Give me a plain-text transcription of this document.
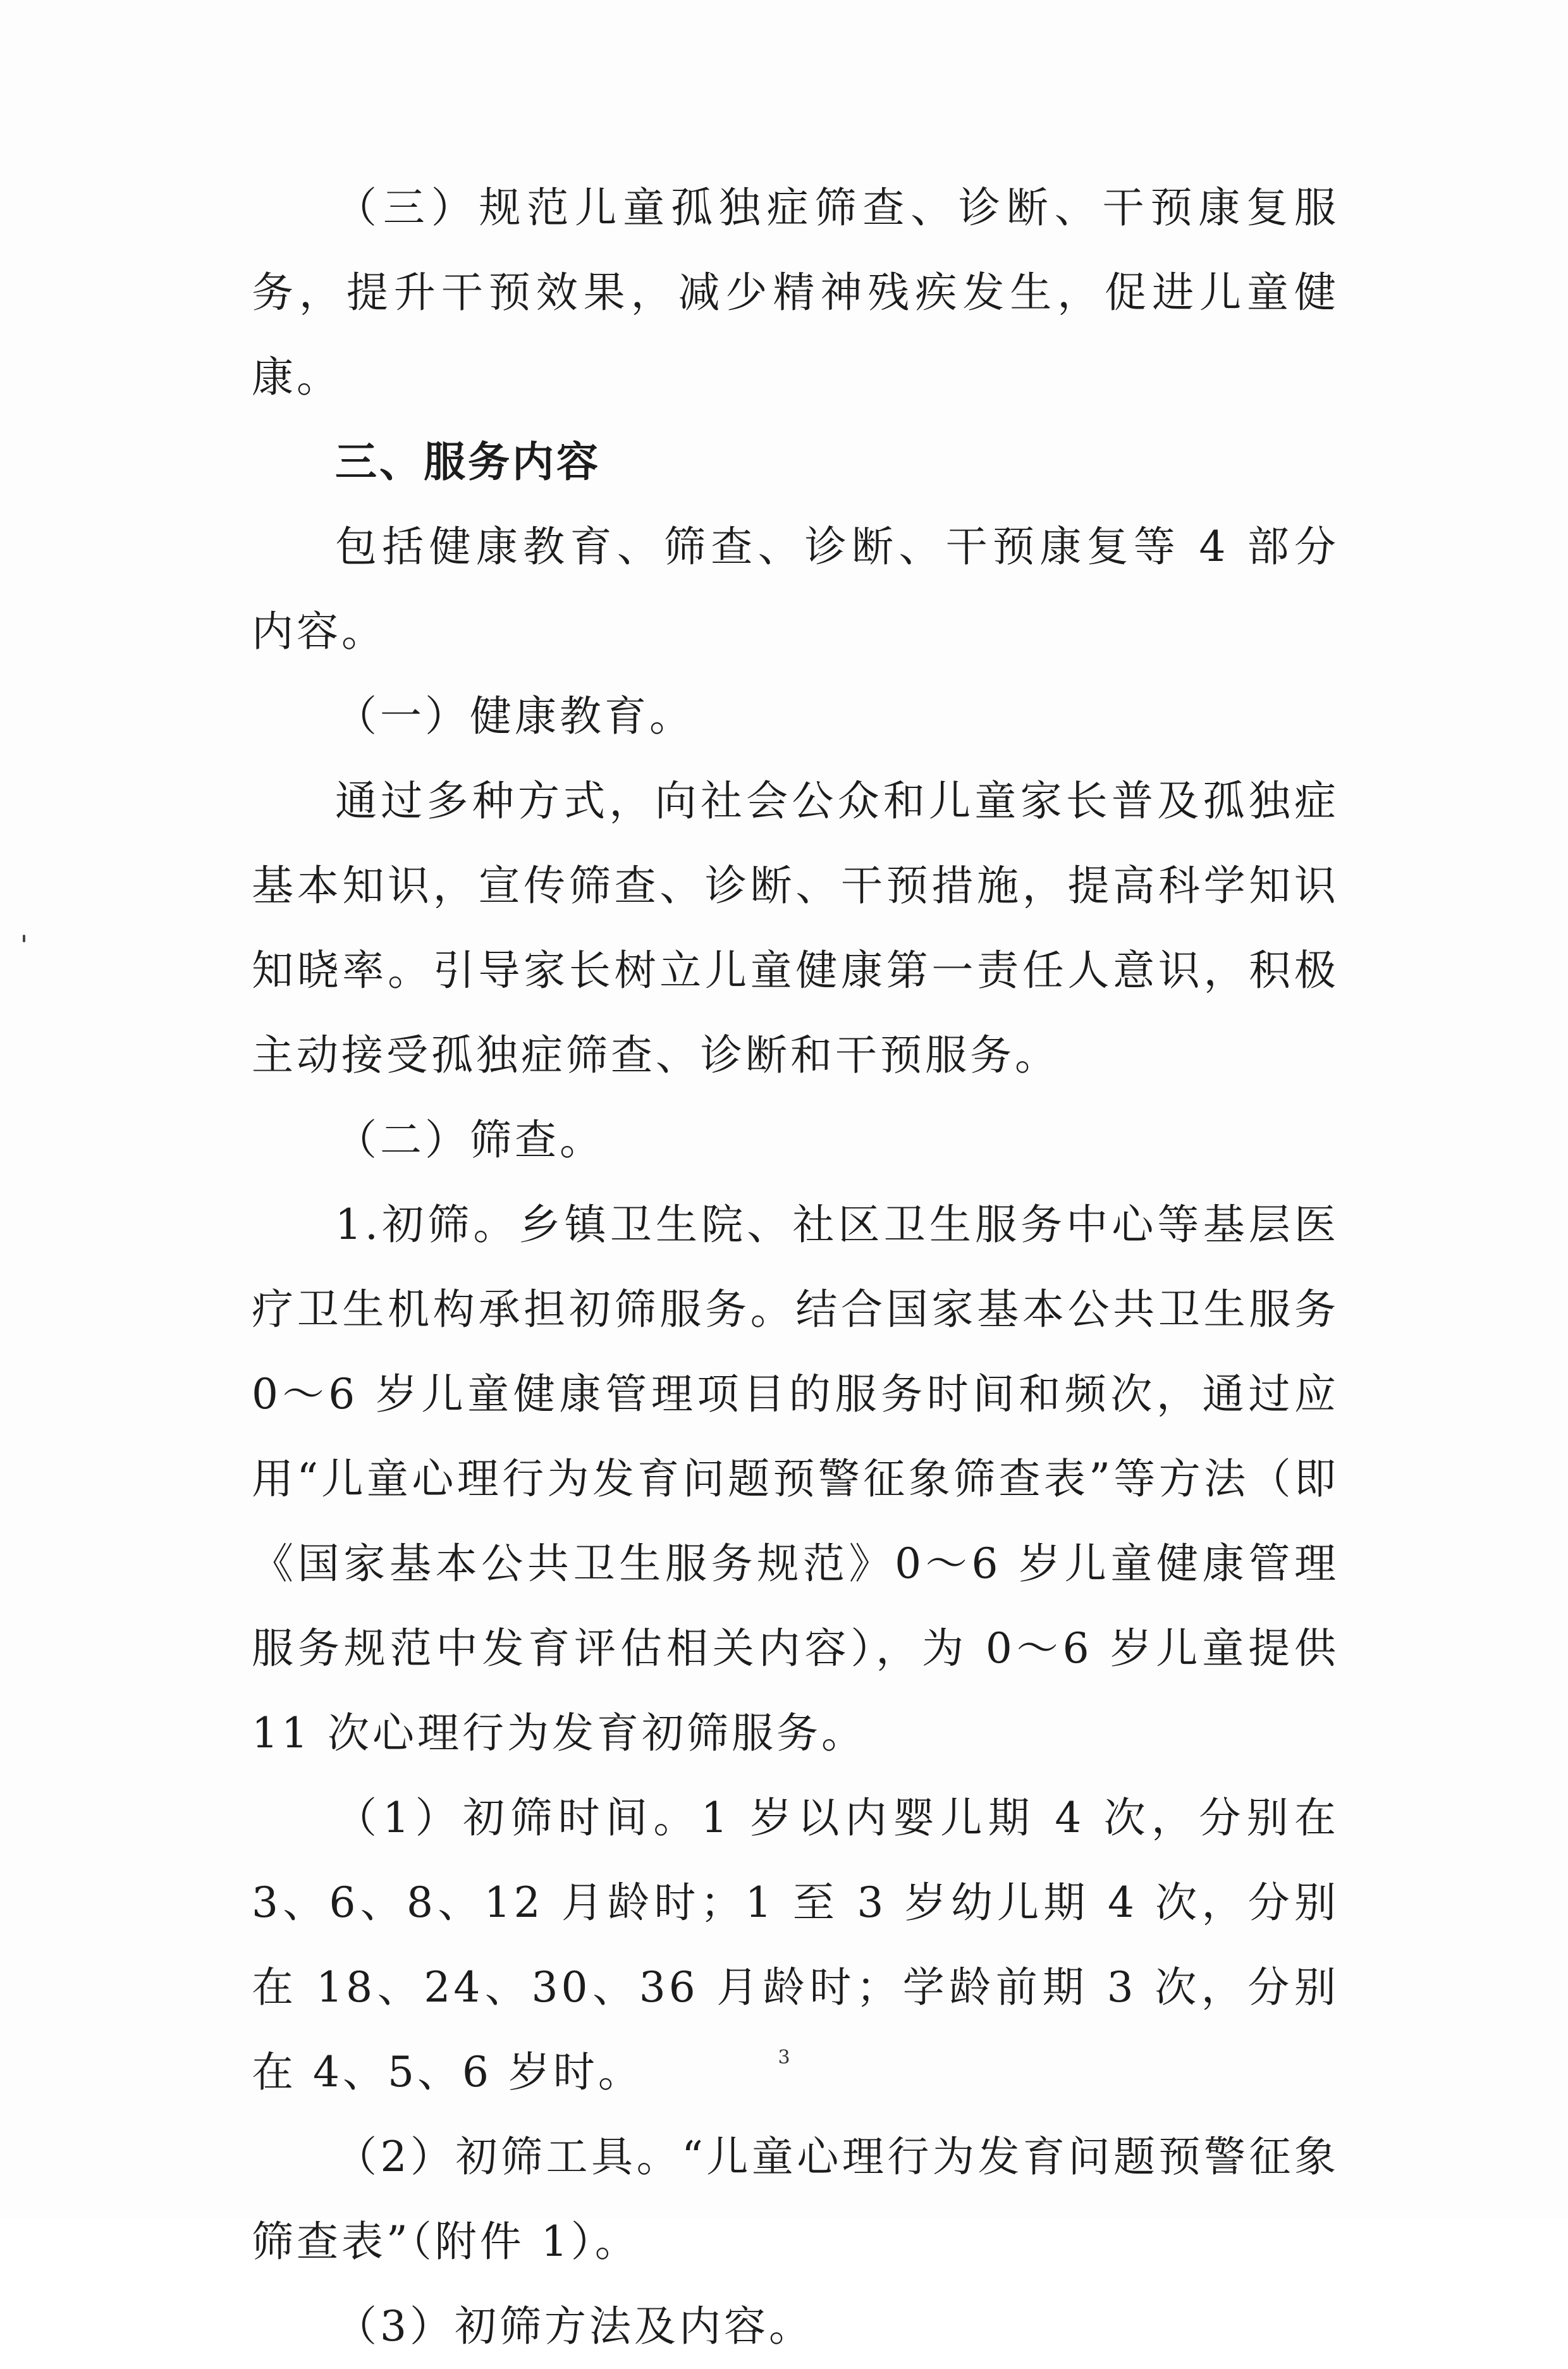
（三）规范儿童孤独症筛查、诊断、干预康复服务，提升干预效果，减少精神残疾发生，促进儿童健康。

三、服务内容

包括健康教育、筛查、诊断、干预康复等 4 部分内容。

（一）健康教育。

通过多种方式，向社会公众和儿童家长普及孤独症基本知识，宣传筛查、诊断、干预措施，提高科学知识知晓率。引导家长树立儿童健康第一责任人意识，积极主动接受孤独症筛查、诊断和干预服务。

（二）筛查。

1.初筛。乡镇卫生院、社区卫生服务中心等基层医疗卫生机构承担初筛服务。结合国家基本公共卫生服务 0～6 岁儿童健康管理项目的服务时间和频次，通过应用“儿童心理行为发育问题预警征象筛查表”等方法（即《国家基本公共卫生服务规范》0～6 岁儿童健康管理服务规范中发育评估相关内容），为 0～6 岁儿童提供 11 次心理行为发育初筛服务。

（1）初筛时间。1 岁以内婴儿期 4 次，分别在 3、6、8、12 月龄时；1 至 3 岁幼儿期 4 次，分别在 18、24、30、36 月龄时；学龄前期 3 次，分别在 4、5、6 岁时。

（2）初筛工具。“儿童心理行为发育问题预警征象筛查表”（附件 1）。

（3）初筛方法及内容。

3
